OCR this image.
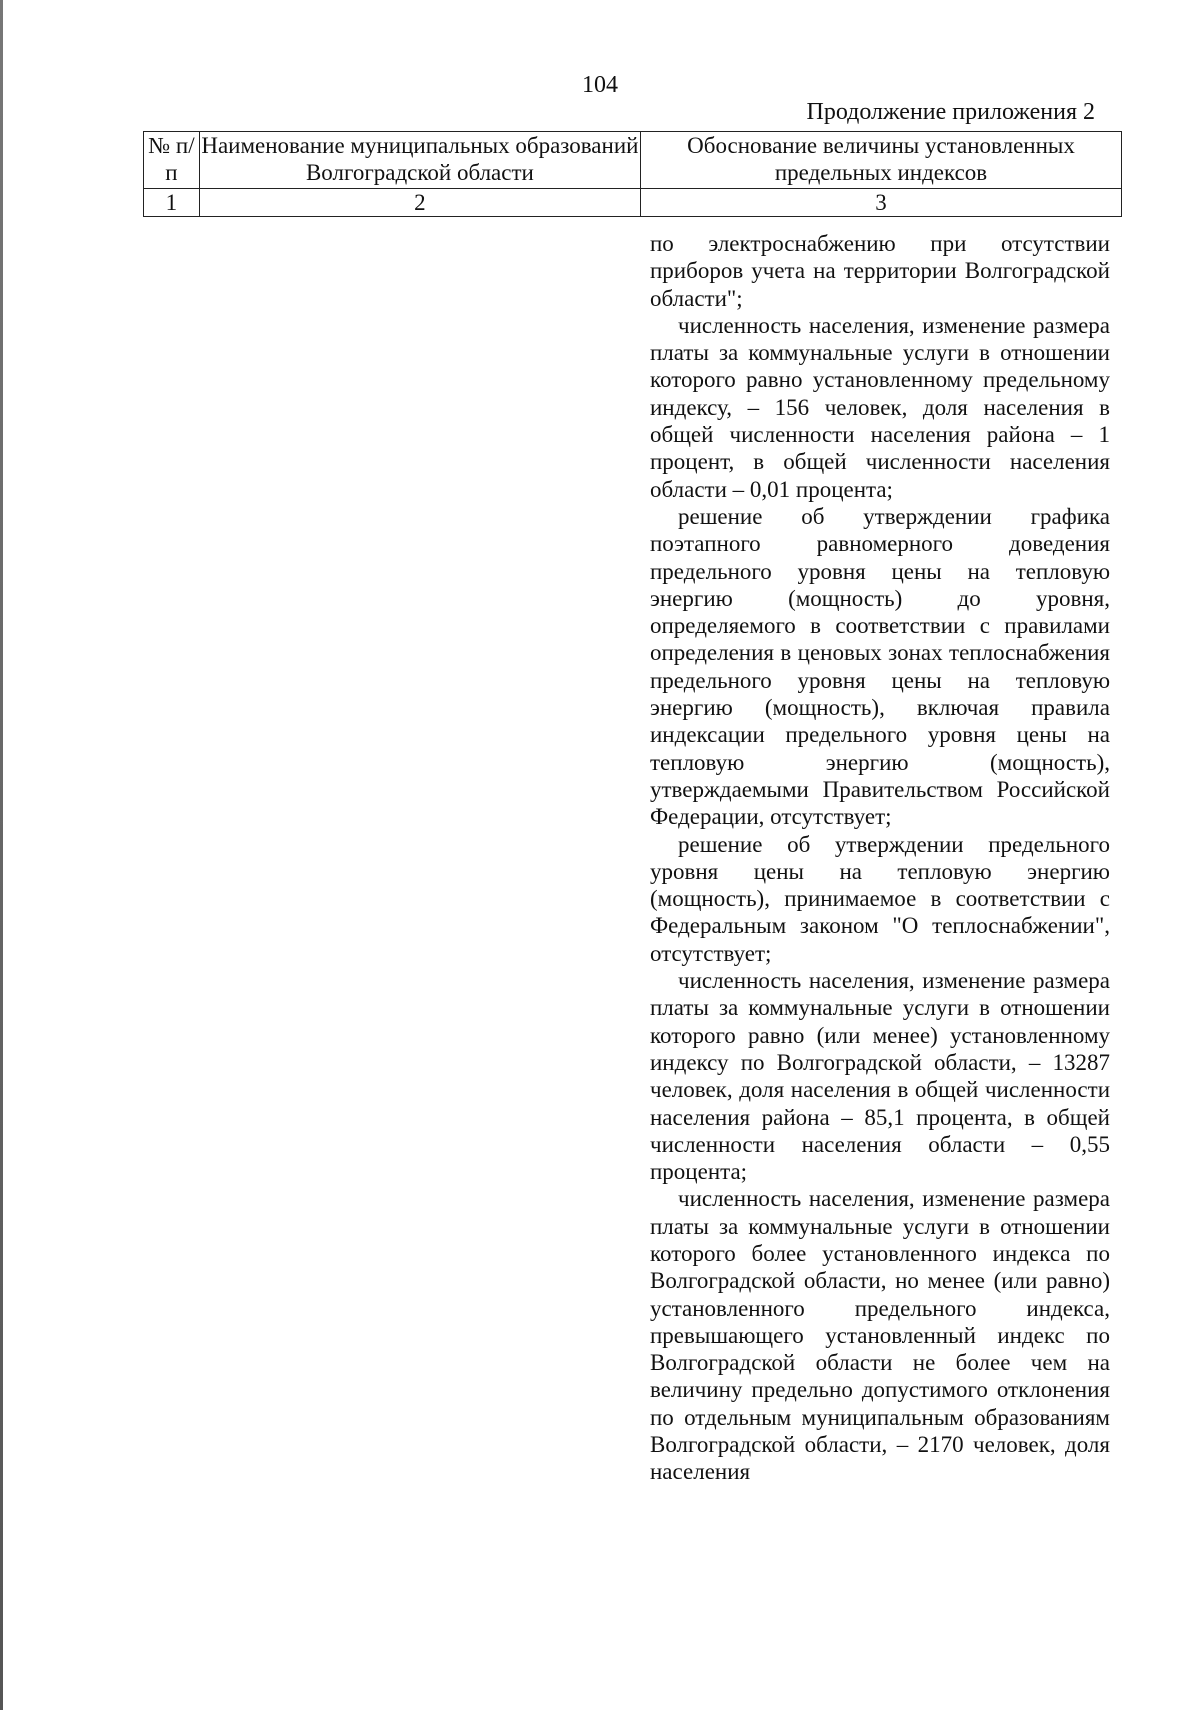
104
Продолжение приложения 2
№ п/п	Наименование муниципальных образований Волгоградской области	Обоснование величины установленных предельных индексов
1	2	3

по электроснабжению при отсутствии приборов учета на территории Волгоградской области";

численность населения, изменение размера платы за коммунальные услуги в отношении которого равно установленному предельному индексу, – 156 человек, доля населения в общей численности населения района – 1 процент, в общей численности населения области – 0,01 процента;

решение об утверждении графика поэтапного равномерного доведения предельного уровня цены на тепловую энергию (мощность) до уровня, определяемого в соответствии с правилами определения в ценовых зонах теплоснабжения предельного уровня цены на тепловую энергию (мощность), включая правила индексации предельного уровня цены на тепловую энергию (мощность), утверждаемыми Правительством Российской Федерации, отсутствует;

решение об утверждении предельного уровня цены на тепловую энергию (мощность), принимаемое в соответствии с Федеральным законом "О теплоснабжении", отсутствует;

численность населения, изменение размера платы за коммунальные услуги в отношении которого равно (или менее) установленному индексу по Волгоградской области, – 13287 человек, доля населения в общей численности населения района – 85,1 процента, в общей численности населения области – 0,55 процента;

численность населения, изменение размера платы за коммунальные услуги в отношении которого более установленного индекса по Волгоградской области, но менее (или равно) установленного предельного индекса, превышающего установленный индекс по Волгоградской области не более чем на величину предельно допустимого отклонения по отдельным муниципальным образованиям Волгоградской области, – 2170 человек, доля населения
